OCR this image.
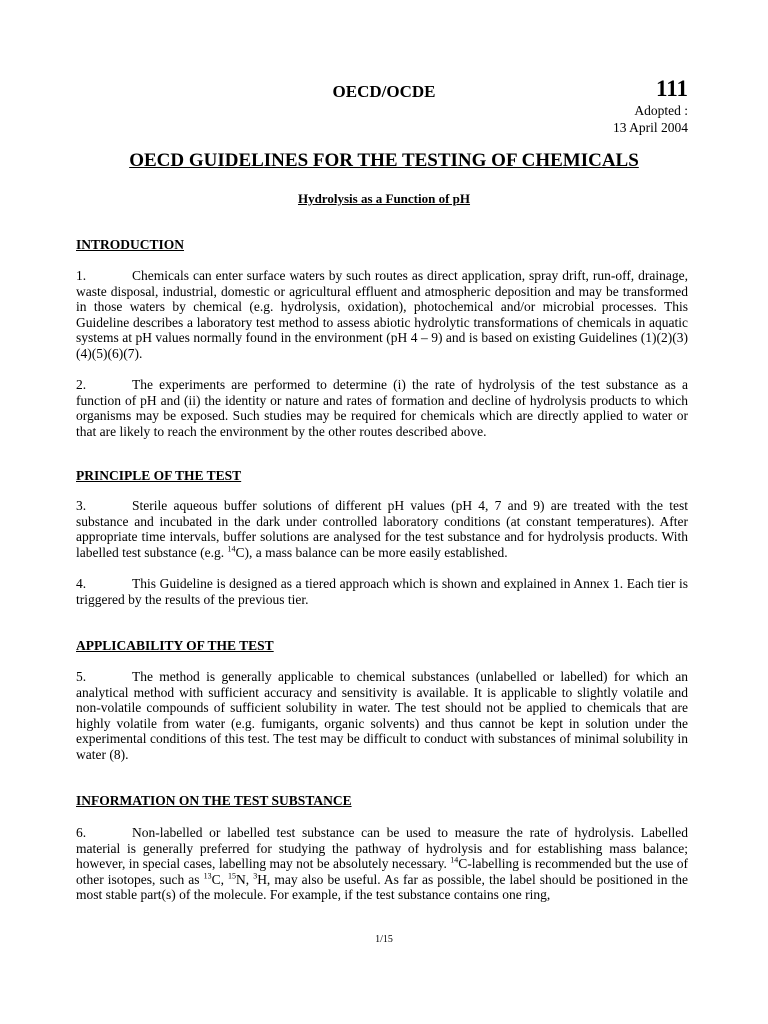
OECD/OCDE	111
Adopted :
13 April 2004
OECD GUIDELINES FOR THE TESTING OF CHEMICALS
Hydrolysis as a Function of pH
INTRODUCTION
1.	Chemicals can enter surface waters by such routes as direct application, spray drift, run-off, drainage, waste disposal, industrial, domestic or agricultural effluent and atmospheric deposition and may be transformed in those waters by chemical (e.g. hydrolysis, oxidation), photochemical and/or microbial processes. This Guideline describes a laboratory test method to assess abiotic hydrolytic transformations of chemicals in aquatic systems at pH values normally found in the environment (pH 4 – 9) and is based on existing Guidelines (1)(2)(3)(4)(5)(6)(7).
2.	The experiments are performed to determine (i) the rate of hydrolysis of the test substance as a function of pH and (ii) the identity or nature and rates of formation and decline of hydrolysis products to which organisms may be exposed. Such studies may be required for chemicals which are directly applied to water or that are likely to reach the environment by the other routes described above.
PRINCIPLE OF THE TEST
3.	Sterile aqueous buffer solutions of different pH values (pH 4, 7 and 9) are treated with the test substance and incubated in the dark under controlled laboratory conditions (at constant temperatures). After appropriate time intervals, buffer solutions are analysed for the test substance and for hydrolysis products. With labelled test substance (e.g. $^{14}$C), a mass balance can be more easily established.
4.	This Guideline is designed as a tiered approach which is shown and explained in Annex 1. Each tier is triggered by the results of the previous tier.
APPLICABILITY OF THE TEST
5.	The method is generally applicable to chemical substances (unlabelled or labelled) for which an analytical method with sufficient accuracy and sensitivity is available. It is applicable to slightly volatile and non-volatile compounds of sufficient solubility in water. The test should not be applied to chemicals that are highly volatile from water (e.g. fumigants, organic solvents) and thus cannot be kept in solution under the experimental conditions of this test. The test may be difficult to conduct with substances of minimal solubility in water (8).
INFORMATION ON THE TEST SUBSTANCE
6.	Non-labelled or labelled test substance can be used to measure the rate of hydrolysis. Labelled material is generally preferred for studying the pathway of hydrolysis and for establishing mass balance; however, in special cases, labelling may not be absolutely necessary. $^{14}$C-labelling is recommended but the use of other isotopes, such as $^{13}$C, $^{15}$N, $^3$H, may also be useful. As far as possible, the label should be positioned in the most stable part(s) of the molecule. For example, if the test substance contains one ring,
1/15
